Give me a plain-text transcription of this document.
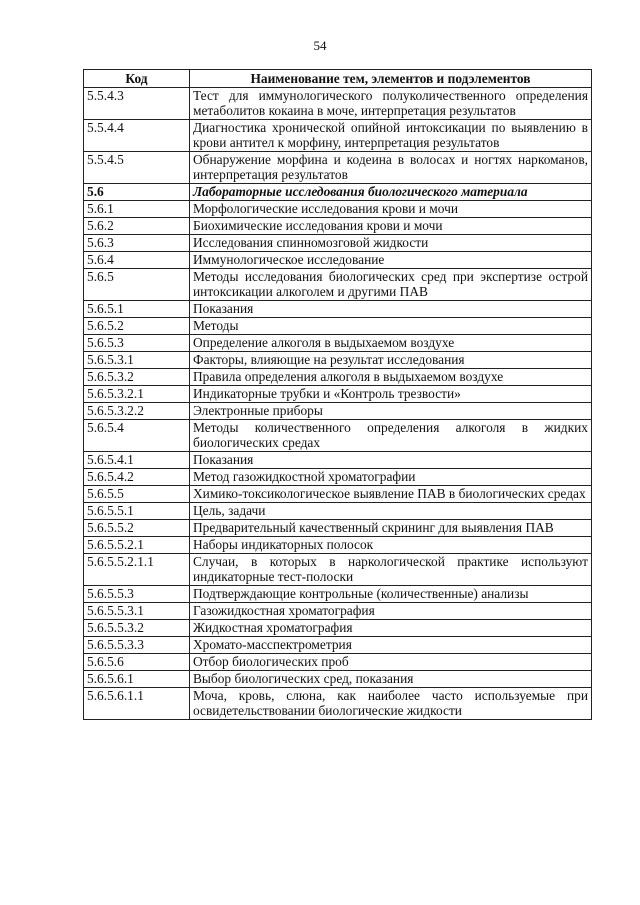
54
Код	Наименование тем, элементов и подэлементов
5.5.4.3	Тест для иммунологического полуколичественного определения метаболитов кокаина в моче, интерпретация результатов
5.5.4.4	Диагностика хронической опийной интоксикации по выявлению в крови антител к морфину, интерпретация результатов
5.5.4.5	Обнаружение морфина и кодеина в волосах и ногтях наркоманов, интерпретация результатов
5.6	Лабораторные исследования биологического материала
5.6.1	Морфологические исследования крови и мочи
5.6.2	Биохимические исследования крови и мочи
5.6.3	Исследования спинномозговой жидкости
5.6.4	Иммунологическое исследование
5.6.5	Методы исследования биологических сред при экспертизе острой интоксикации алкоголем и другими ПАВ
5.6.5.1	Показания
5.6.5.2	Методы
5.6.5.3	Определение алкоголя в выдыхаемом воздухе
5.6.5.3.1	Факторы, влияющие на результат исследования
5.6.5.3.2	Правила определения алкоголя в выдыхаемом воздухе
5.6.5.3.2.1	Индикаторные трубки и «Контроль трезвости»
5.6.5.3.2.2	Электронные приборы
5.6.5.4	Методы количественного определения алкоголя в жидких биологических средах
5.6.5.4.1	Показания
5.6.5.4.2	Метод газожидкостной хроматографии
5.6.5.5	Химико-токсикологическое выявление ПАВ в биологических средах
5.6.5.5.1	Цель, задачи
5.6.5.5.2	Предварительный качественный скрининг для выявления ПАВ
5.6.5.5.2.1	Наборы индикаторных полосок
5.6.5.5.2.1.1	Случаи, в которых в наркологической практике используют индикаторные тест-полоски
5.6.5.5.3	Подтверждающие контрольные (количественные) анализы
5.6.5.5.3.1	Газожидкостная хроматография
5.6.5.5.3.2	Жидкостная хроматография
5.6.5.5.3.3	Хромато-масспектрометрия
5.6.5.6	Отбор биологических проб
5.6.5.6.1	Выбор биологических сред, показания
5.6.5.6.1.1	Моча, кровь, слюна, как наиболее часто используемые при освидетельствовании биологические жидкости
